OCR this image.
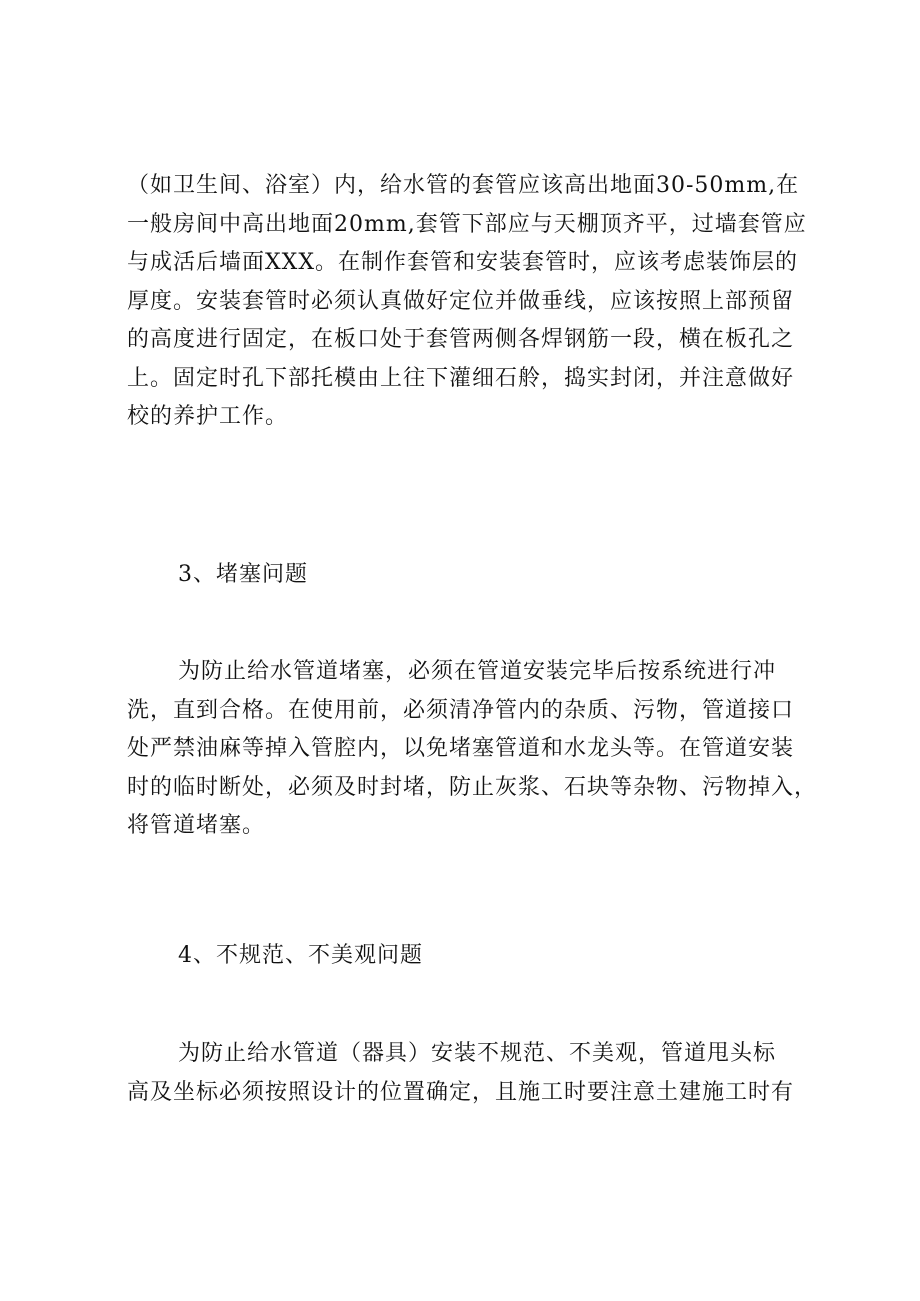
（如卫生间、浴室）内，给水管的套管应该高出地面30-50mm,在
一般房间中高出地面20mm,套管下部应与天棚顶齐平，过墙套管应
与成活后墙面XXX。在制作套管和安装套管时，应该考虑装饰层的
厚度。安装套管时必须认真做好定位并做垂线，应该按照上部预留
的高度进行固定，在板口处于套管两侧各焊钢筋一段，横在板孔之
上。固定时孔下部托模由上往下灌细石舲，捣实封闭，并注意做好
校的养护工作。

3、堵塞问题

为防止给水管道堵塞，必须在管道安装完毕后按系统进行冲
洗，直到合格。在使用前，必须清净管内的杂质、污物，管道接口
处严禁油麻等掉入管腔内，以免堵塞管道和水龙头等。在管道安装
时的临时断处，必须及时封堵，防止灰浆、石块等杂物、污物掉入，
将管道堵塞。

4、不规范、不美观问题

为防止给水管道（器具）安装不规范、不美观，管道甩头标
高及坐标必须按照设计的位置确定，且施工时要注意土建施工时有
